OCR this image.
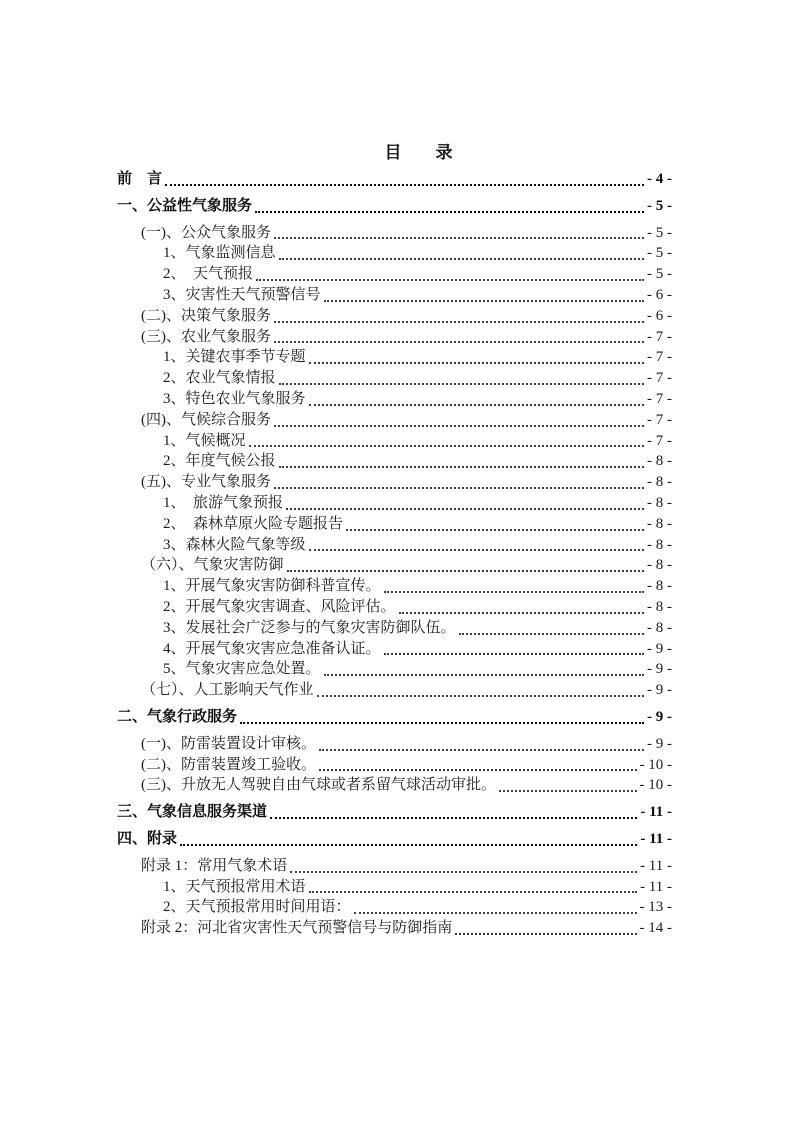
目　　录
前　言	- 4 -
一、公益性气象服务	- 5 -
(一)、公众气象服务	- 5 -
1、气象监测信息	- 5 -
2、　天气预报	- 5 -
3、灾害性天气预警信号	- 6 -
(二)、决策气象服务	- 6 -
(三)、农业气象服务	- 7 -
1、关键农事季节专题	- 7 -
2、农业气象情报	- 7 -
3、特色农业气象服务	- 7 -
(四)、气候综合服务	- 7 -
1、气候概况	- 7 -
2、年度气候公报	- 8 -
(五)、专业气象服务	- 8 -
1、　旅游气象预报	- 8 -
2、　森林草原火险专题报告	- 8 -
3、森林火险气象等级	- 8 -
（六）、气象灾害防御	- 8 -
1、开展气象灾害防御科普宣传。	- 8 -
2、开展气象灾害调查、风险评估。	- 8 -
3、发展社会广泛参与的气象灾害防御队伍。	- 8 -
4、开展气象灾害应急准备认证。	- 9 -
5、气象灾害应急处置。	- 9 -
（七）、人工影响天气作业	- 9 -
二、气象行政服务	- 9 -
(一)、防雷装置设计审核。	- 9 -
(二)、防雷装置竣工验收。	- 10 -
(三)、升放无人驾驶自由气球或者系留气球活动审批。	- 10 -
三、气象信息服务渠道	- 11 -
四、附录	- 11 -
附录 1：常用气象术语	- 11 -
1、天气预报常用术语	- 11 -
2、天气预报常用时间用语：	- 13 -
附录 2：河北省灾害性天气预警信号与防御指南	- 14 -
